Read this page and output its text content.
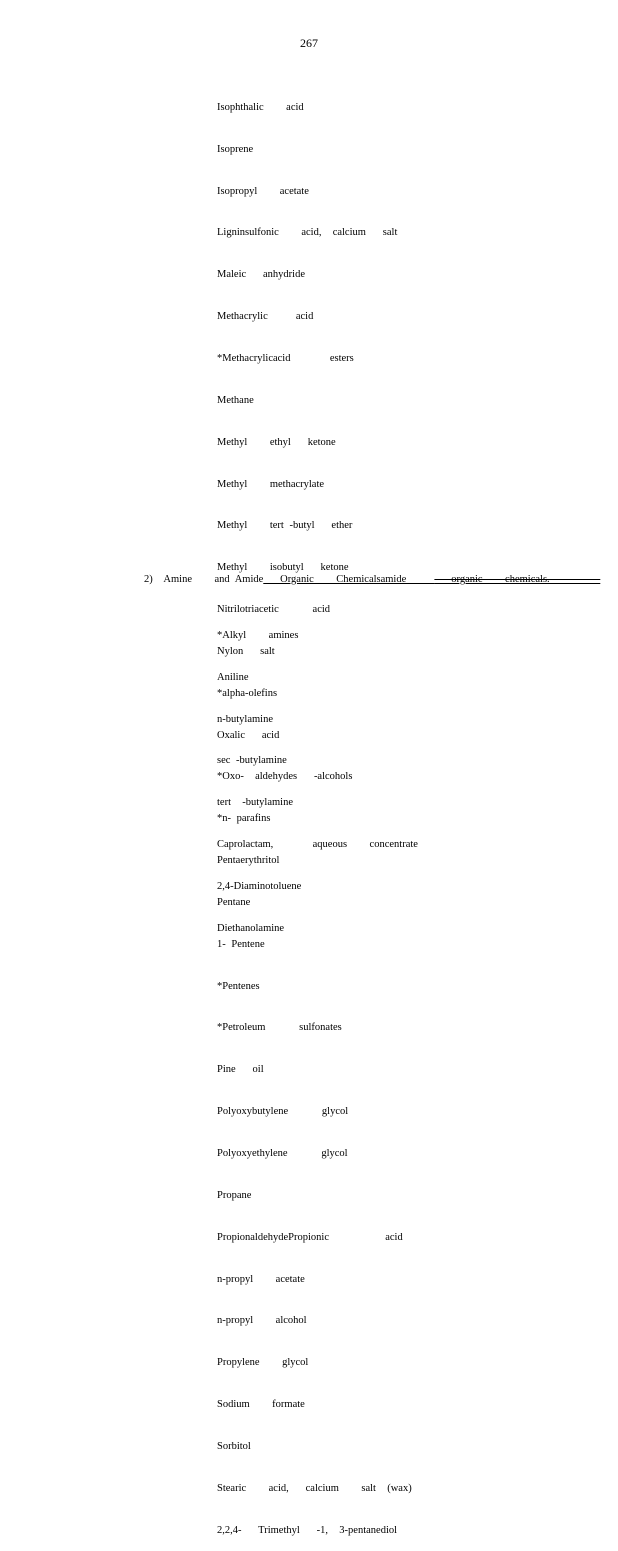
267

Isophthalic    acid

Isoprene

Isopropyl    acetate

Ligninsulfonic    acid,  calcium   salt

Maleic   anhydride

Methacrylic     acid

*Methacrylicacid       esters

Methane

Methyl    ethyl   ketone

Methyl    methacrylate

Methyl    tert -butyl   ether

Methyl    isobutyl   ketone

Nitrilotriacetic      acid

Nylon   salt

*alpha-olefins

Oxalic   acid

*Oxo-  aldehydes   -alcohols

*n- parafins

Pentaerythritol

Pentane

1- Pentene

*Pentenes

*Petroleum      sulfonates

Pine   oil

Polyoxybutylene      glycol

Polyoxyethylene      glycol

Propane

PropionaldehydePropionic          acid

n-propyl    acetate

n-propyl    alcohol

Propylene    glycol

Sodium    formate

Sorbitol

Stearic    acid,   calcium    salt  (wax)

2,2,4-   Trimethyl   -1,  3-pentanediol

2)  Amine    and Amide   Organic    Chemicalsamide        organic    chemicals.

*Alkyl    amines

Aniline

n-butylamine

sec -butylamine

tert  -butylamine

Caprolactam,       aqueous    concentrate

2,4-Diaminotoluene

Diethanolamine
